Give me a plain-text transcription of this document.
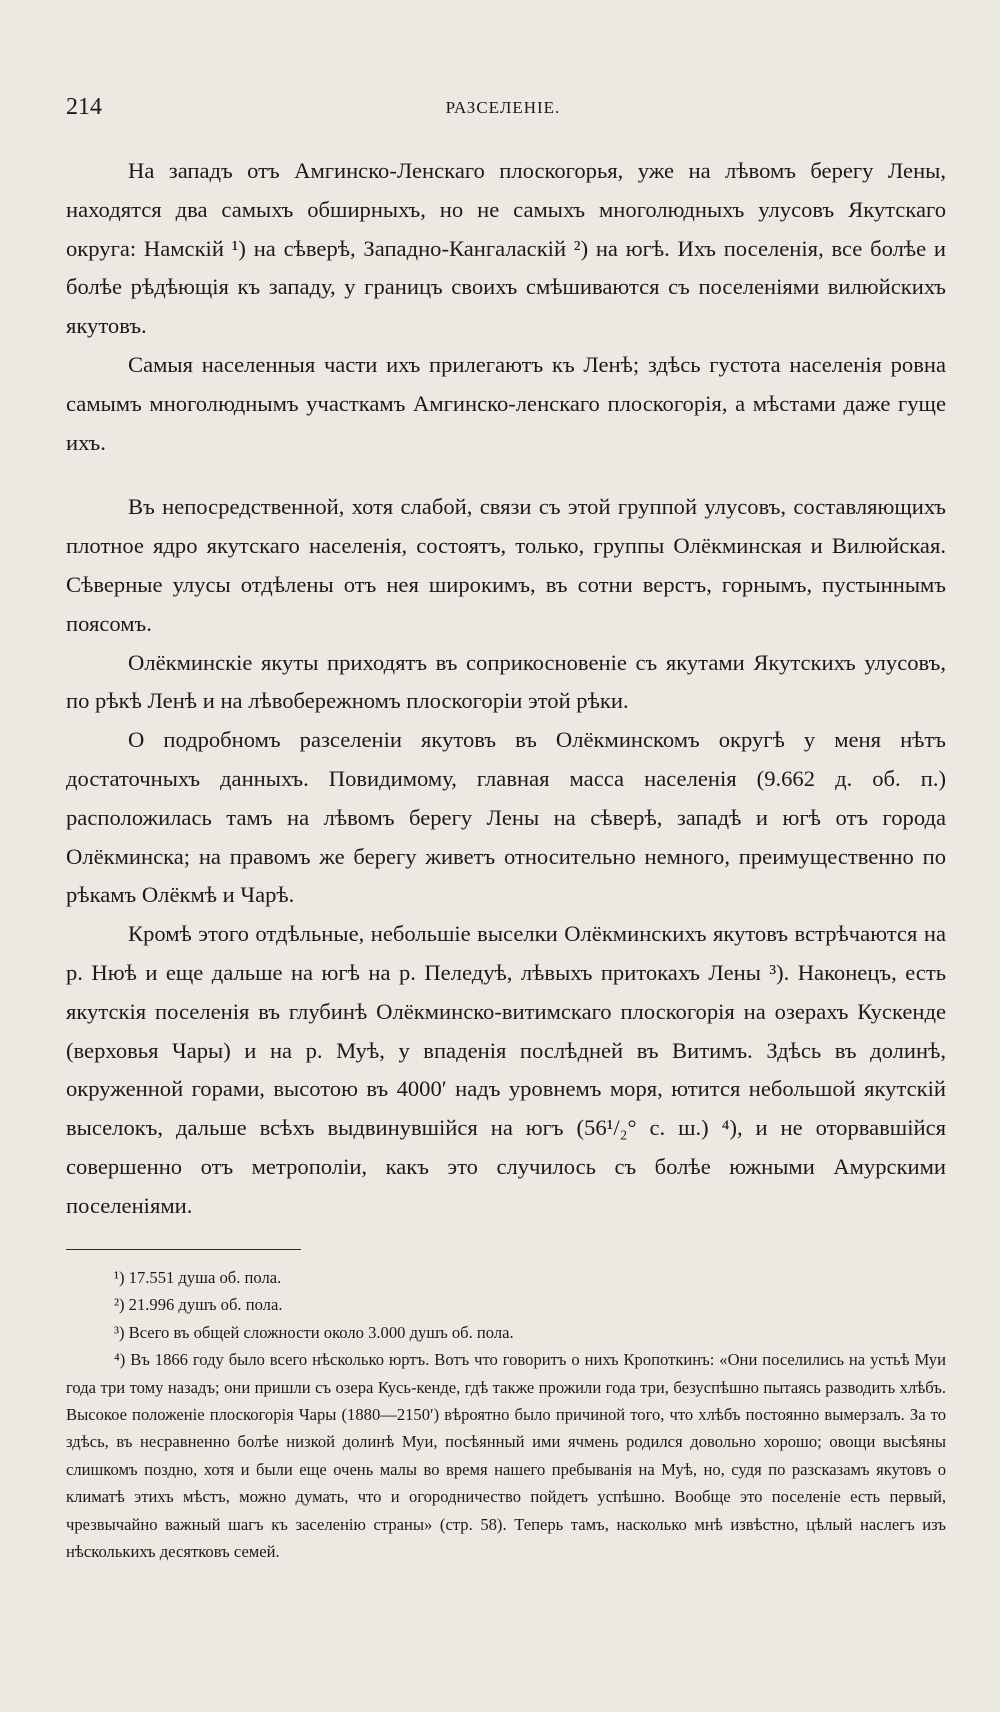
214	РАЗСЕЛЕНIЕ.

На западъ отъ Амгинско-Ленскаго плоскогорья, уже на лѣвомъ берегу Лены, находятся два самыхъ обширныхъ, но не самыхъ многолюдныхъ улусовъ Якутскаго округа: Намскій ¹) на сѣверѣ, Западно-Кангаласкій ²) на югѣ. Ихъ поселенія, все болѣе и болѣе рѣдѣющія къ западу, у границъ своихъ смѣшиваются съ поселеніями вилюйскихъ якутовъ.

Самыя населенныя части ихъ прилегаютъ къ Ленѣ; здѣсь густота населенія ровна самымъ многолюднымъ участкамъ Амгинско-ленскаго плоскогорія, а мѣстами даже гуще ихъ.

Въ непосредственной, хотя слабой, связи съ этой группой улусовъ, составляющихъ плотное ядро якутскаго населенія, состоятъ, только, группы Олёкминская и Вилюйская. Сѣверные улусы отдѣлены отъ нея широкимъ, въ сотни верстъ, горнымъ, пустыннымъ поясомъ.

Олёкминскіе якуты приходятъ въ соприкосновеніе съ якутами Якутскихъ улусовъ, по рѣкѣ Ленѣ и на лѣвобережномъ плоскогоріи этой рѣки.

О подробномъ разселеніи якутовъ въ Олёкминскомъ округѣ у меня нѣтъ достаточныхъ данныхъ. Повидимому, главная масса населенія (9.662 д. об. п.) расположилась тамъ на лѣвомъ берегу Лены на сѣверѣ, западѣ и югѣ отъ города Олёкминска; на правомъ же берегу живетъ относительно немного, преимущественно по рѣкамъ Олёкмѣ и Чарѣ.

Кромѣ этого отдѣльные, небольшіе выселки Олёкминскихъ якутовъ встрѣчаются на р. Нюѣ и еще дальше на югѣ на р. Пеледуѣ, лѣвыхъ притокахъ Лены ³). Наконецъ, есть якутскія поселенія въ глубинѣ Олёкминско-витимскаго плоскогорія на озерахъ Кускенде (верховья Чары) и на р. Муѣ, у впаденія послѣдней въ Витимъ. Здѣсь въ долинѣ, окруженной горами, высотою въ 4000′ надъ уровнемъ моря, ютится небольшой якутскій выселокъ, дальше всѣхъ выдвинувшійся на югъ (56¹/₂° с. ш.) ⁴), и не оторвавшійся совершенно отъ метрополіи, какъ это случилось съ болѣе южными Амурскими поселеніями.

¹) 17.551 душа об. пола.

²) 21.996 душъ об. пола.

³) Всего въ общей сложности около 3.000 душъ об. пола.

⁴) Въ 1866 году было всего нѣсколько юртъ. Вотъ что говоритъ о нихъ Кропоткинъ: «Они поселились на устьѣ Муи года три тому назадъ; они пришли съ озера Кусь-кенде, гдѣ также прожили года три, безуспѣшно пытаясь разводить хлѣбъ. Высокое положеніе плоскогорія Чары (1880—2150′) вѣроятно было причиной того, что хлѣбъ постоянно вымерзалъ. За то здѣсь, въ несравненно болѣе низкой долинѣ Муи, посѣянный ими ячмень родился довольно хорошо; овощи высѣяны слишкомъ поздно, хотя и были еще очень малы во время нашего пребыванія на Муѣ, но, судя по разсказамъ якутовъ о климатѣ этихъ мѣстъ, можно думать, что и огородничество пойдетъ успѣшно. Вообще это поселеніе есть первый, чрезвычайно важный шагъ къ заселенію страны» (стр. 58). Теперь тамъ, насколько мнѣ извѣстно, цѣлый наслегъ изъ нѣсколькихъ десятковъ семей.
